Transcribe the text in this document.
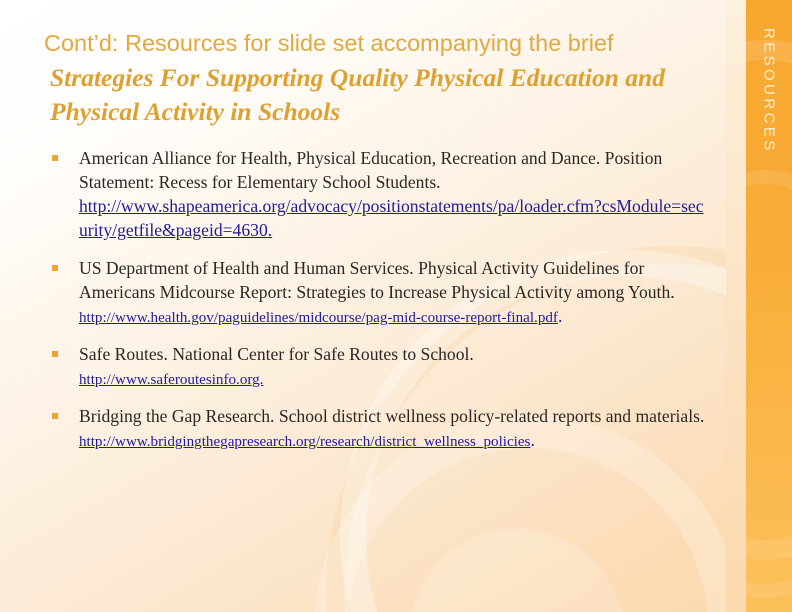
Cont’d: Resources for slide set accompanying the brief
Strategies For Supporting Quality Physical Education and Physical Activity in Schools
American Alliance for Health, Physical Education, Recreation and Dance. Position Statement: Recess for Elementary School Students.
http://www.shapeamerica.org/advocacy/positionstatements/pa/loader.cfm?csModule=security/getfile&pageid=4630.
US Department of Health and Human Services. Physical Activity Guidelines for Americans Midcourse Report: Strategies to Increase Physical Activity among Youth.
http://www.health.gov/paguidelines/midcourse/pag-mid-course-report-final.pdf.
Safe Routes. National Center for Safe Routes to School.
http://www.saferoutesinfo.org.
Bridging the Gap Research. School district wellness policy-related reports and materials.
http://www.bridgingthegapresearch.org/research/district_wellness_policies.
RESOURCES
